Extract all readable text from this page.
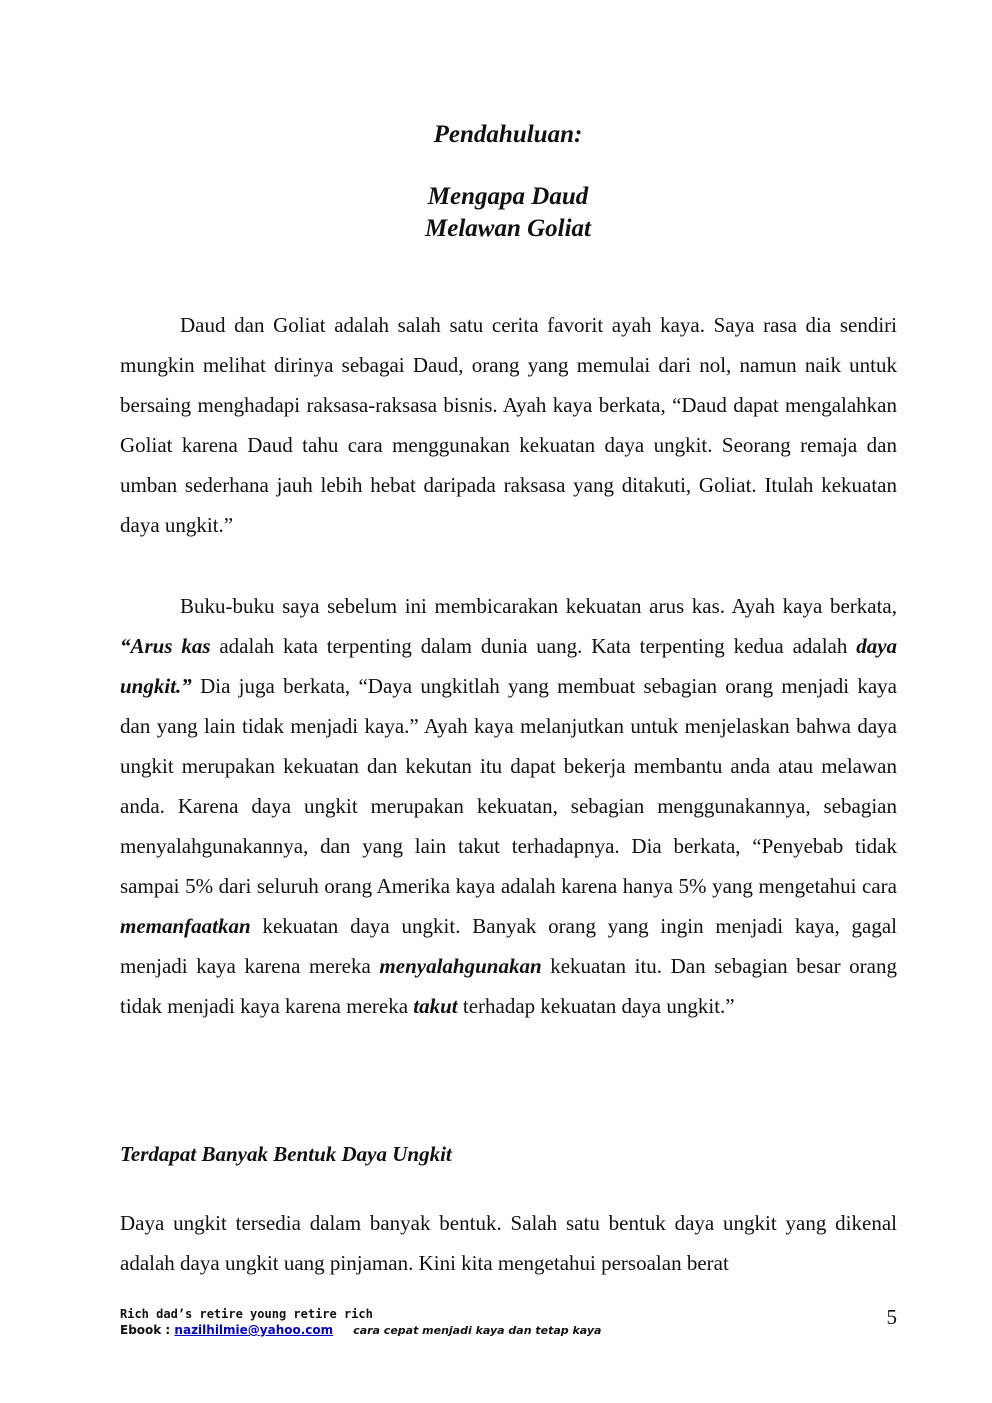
Pendahuluan:
Mengapa Daud
Melawan Goliat
Daud dan Goliat adalah salah satu cerita favorit ayah kaya. Saya rasa dia sendiri mungkin melihat dirinya sebagai Daud, orang yang memulai dari nol, namun naik untuk bersaing menghadapi raksasa-raksasa bisnis. Ayah kaya berkata, “Daud dapat mengalahkan Goliat karena Daud tahu cara menggunakan kekuatan daya ungkit. Seorang remaja dan umban sederhana jauh lebih hebat daripada raksasa yang ditakuti, Goliat. Itulah kekuatan daya ungkit.”
Buku-buku saya sebelum ini membicarakan kekuatan arus kas. Ayah kaya berkata, “Arus kas adalah kata terpenting dalam dunia uang. Kata terpenting kedua adalah daya ungkit.” Dia juga berkata, “Daya ungkitlah yang membuat sebagian orang menjadi kaya dan yang lain tidak menjadi kaya.” Ayah kaya melanjutkan untuk menjelaskan bahwa daya ungkit merupakan kekuatan dan kekutan itu dapat bekerja membantu anda atau melawan anda. Karena daya ungkit merupakan kekuatan, sebagian menggunakannya, sebagian menyalahgunakannya, dan yang lain takut terhadapnya. Dia berkata, “Penyebab tidak sampai 5% dari seluruh orang Amerika kaya adalah karena hanya 5% yang mengetahui cara memanfaatkan kekuatan daya ungkit. Banyak orang yang ingin menjadi kaya, gagal menjadi kaya karena mereka menyalahgunakan kekuatan itu. Dan sebagian besar orang tidak menjadi kaya karena mereka takut terhadap kekuatan daya ungkit.”
Terdapat Banyak Bentuk Daya Ungkit
Daya ungkit tersedia dalam banyak bentuk. Salah satu bentuk daya ungkit yang dikenal adalah daya ungkit uang pinjaman. Kini kita mengetahui persoalan berat
Rich dad’s retire young retire rich
Ebook : nazilhilmie@yahoo.com cara cepat menjadi kaya dan tetap kaya
5
